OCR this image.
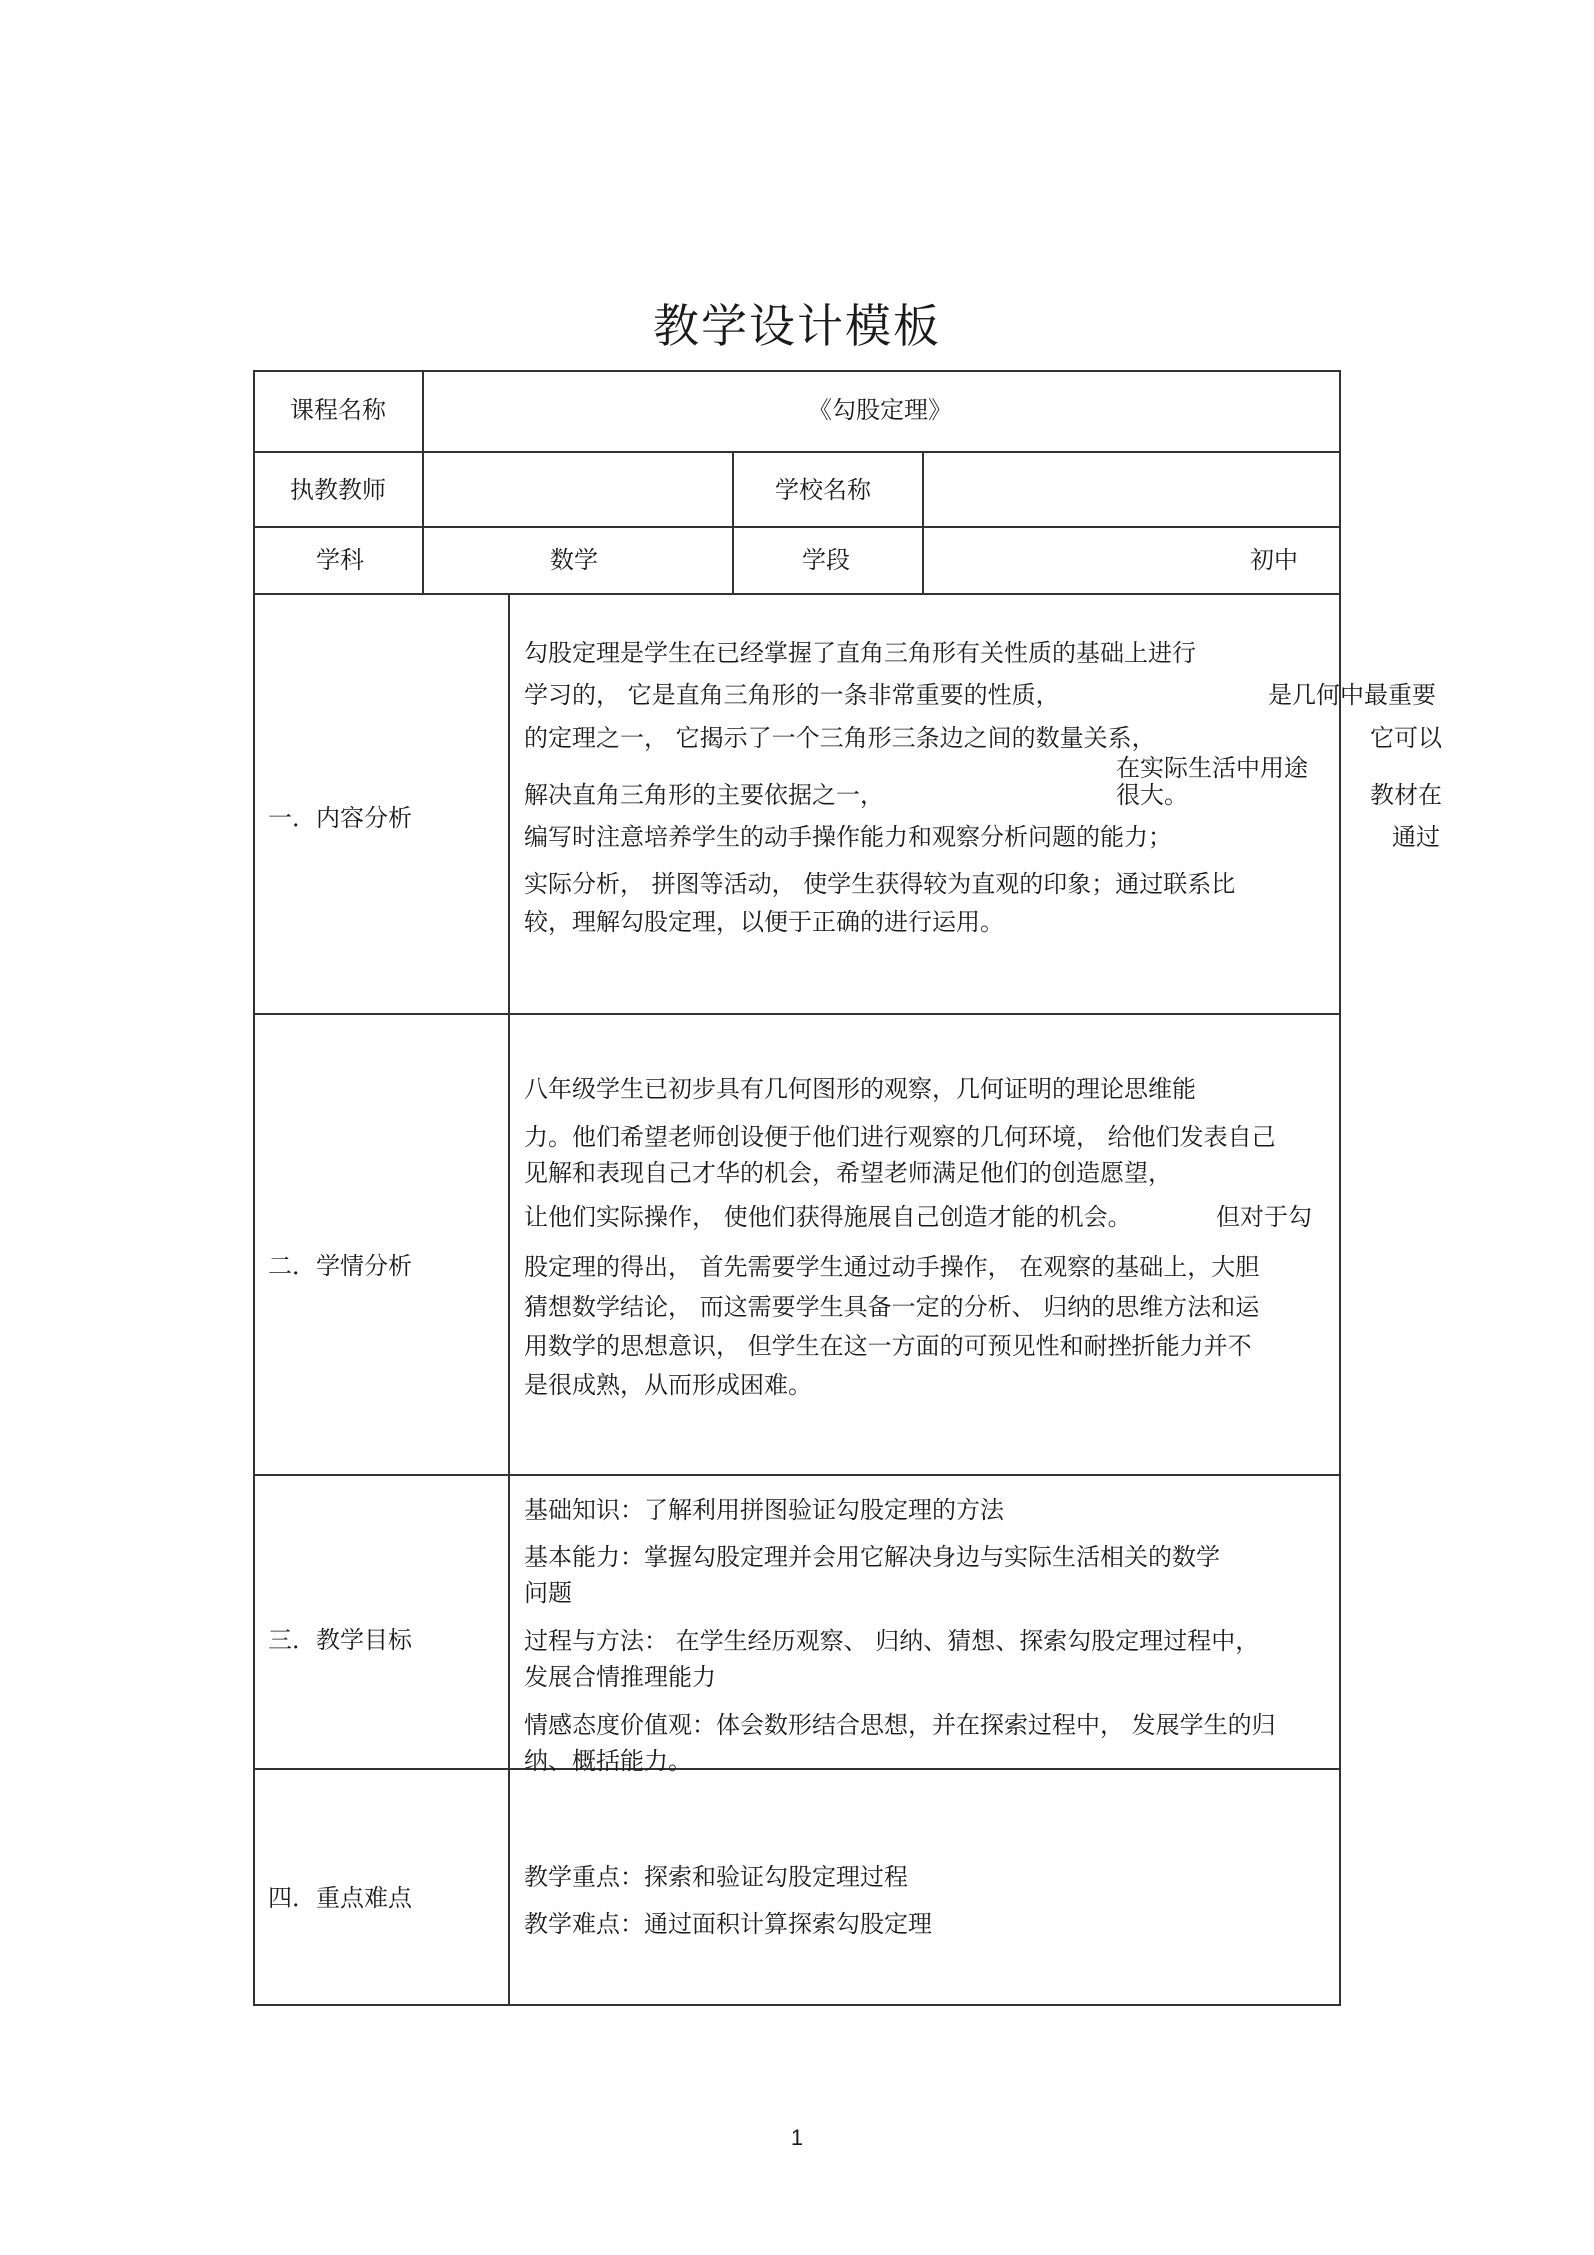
教学设计模板
课程名称	《勾股定理》
执教教师	学校名称
学科	数学	学段	初中
一．内容分析
勾股定理是学生在已经掌握了直角三角形有关性质的基础上进行
学习的， 它是直角三角形的一条非常重要的性质，	是几何中最重要
的定理之一， 它揭示了一个三角形三条边之间的数量关系，	它可以
在实际生活中用途
解决直角三角形的主要依据之一，	很大。	教材在
编写时注意培养学生的动手操作能力和观察分析问题的能力；	通过
实际分析， 拼图等活动， 使学生获得较为直观的印象；通过联系比
较，理解勾股定理，以便于正确的进行运用。
二．学情分析
八年级学生已初步具有几何图形的观察，几何证明的理论思维能
力。他们希望老师创设便于他们进行观察的几何环境， 给他们发表自己
见解和表现自己才华的机会，希望老师满足他们的创造愿望，
让他们实际操作， 使他们获得施展自己创造才能的机会。	但对于勾
股定理的得出， 首先需要学生通过动手操作， 在观察的基础上，大胆
猜想数学结论， 而这需要学生具备一定的分析、 归纳的思维方法和运
用数学的思想意识， 但学生在这一方面的可预见性和耐挫折能力并不
是很成熟，从而形成困难。
三．教学目标
基础知识：了解利用拼图验证勾股定理的方法
基本能力：掌握勾股定理并会用它解决身边与实际生活相关的数学
问题
过程与方法： 在学生经历观察、 归纳、猜想、探索勾股定理过程中，
发展合情推理能力
情感态度价值观：体会数形结合思想，并在探索过程中， 发展学生的归
纳、概括能力。
四．重点难点
教学重点：探索和验证勾股定理过程
教学难点：通过面积计算探索勾股定理
1
